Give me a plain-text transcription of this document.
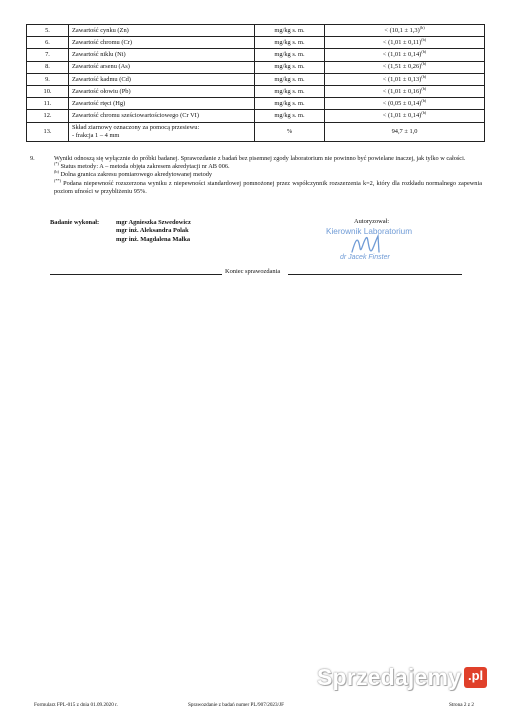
5.	Zawartość cynku (Zn)	mg/kg s. m.	< $(10,1 \pm 1,3)^{(b)}$
6.	Zawartość chromu (Cr)	mg/kg s. m.	< $(1,01 \pm 0,11)^{(b)}$
7.	Zawartość niklu (Ni)	mg/kg s. m.	< $(1,01 \pm 0,14)^{(b)}$
8.	Zawartość arsenu (As)	mg/kg s. m.	< $(1,51 \pm 0,26)^{(b)}$
9.	Zawartość kadmu (Cd)	mg/kg s. m.	< $(1,01 \pm 0,13)^{(b)}$
10.	Zawartość ołowiu (Pb)	mg/kg s. m.	< $(1,01 \pm 0,16)^{(b)}$
11.	Zawartość rtęci (Hg)	mg/kg s. m.	< $(0,05 \pm 0,14)^{(b)}$
12.	Zawartość chromu sześciowartościowego (Cr VI)	mg/kg s. m.	< $(1,01 \pm 0,14)^{(b)}$
13.	Skład ziarnowy oznaczony za pomocą przesiewu:
- frakcja 1 – 4 mm	%	94,7 ± 1,0
9.	Wyniki odnoszą się wyłącznie do próbki badanej. Sprawozdanie z badań bez pisemnej zgody laboratorium nie powinno być powielane inaczej, jak tylko w całości.

(*) Status metody: A – metoda objęta zakresem akredytacji nr AB 006.

$^{(b)}$ Dolna granica zakresu pomiarowego akredytowanej metody

(**) Podana niepewność rozszerzona wyniku z niepewności standardowej pomnożonej przez współczynnik rozszerzenia k=2, który dla rozkładu normalnego zapewnia poziom ufności w przybliżeniu 95%.

Badanie wykonał:	mgr Agnieszka Szwedowicz
mgr inż. Aleksandra Polak
mgr inż. Magdalena Małka
Autoryzował:
Kierownik Laboratorium
dr Jacek Finster
Koniec sprawozdania
Formularz FPL-015 z dnia 01.09.2020 r.	Sprawozdanie z badań numer PL/907/2023/JF	Strona 2 z 2
Sprzedajemy .pl
